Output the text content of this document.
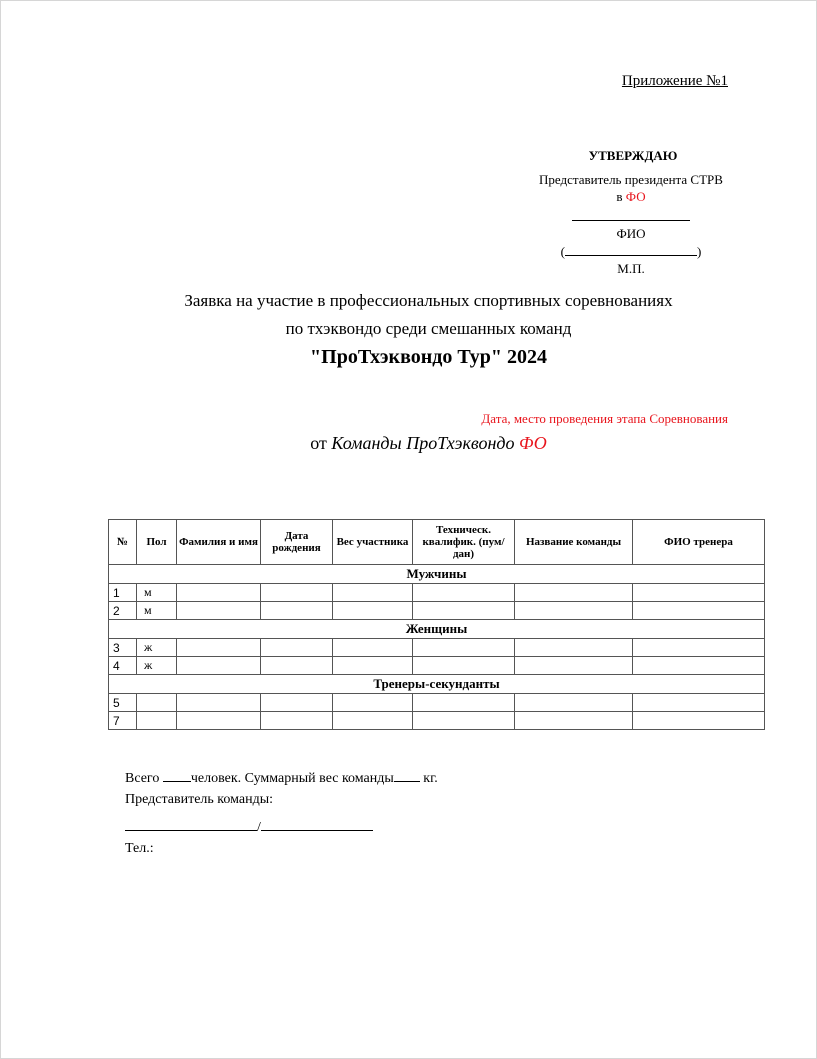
Приложение №1
УТВЕРЖДАЮ
Представитель президента СТРВ
в ФО
ФИО
(	)
М.П.
Заявка на участие в профессиональных спортивных соревнованиях
по тхэквондо среди смешанных команд
"ПроТхэквондо Тур" 2024
Дата, место проведения этапа Соревнования
от Команды ПроТхэквондо ФО
№	Пол	Фамилия и имя	Дата рождения	Вес участника	Техническ. квалифик. (пум/дан)	Название команды	ФИО тренера
Мужчины							
1	м						
2	м						
Женщины							
3	ж						
4	ж						
Тренеры-секунданты							
5							
7							
Всего человек. Суммарный вес команды кг.
Представитель команды:
/
Тел.:
